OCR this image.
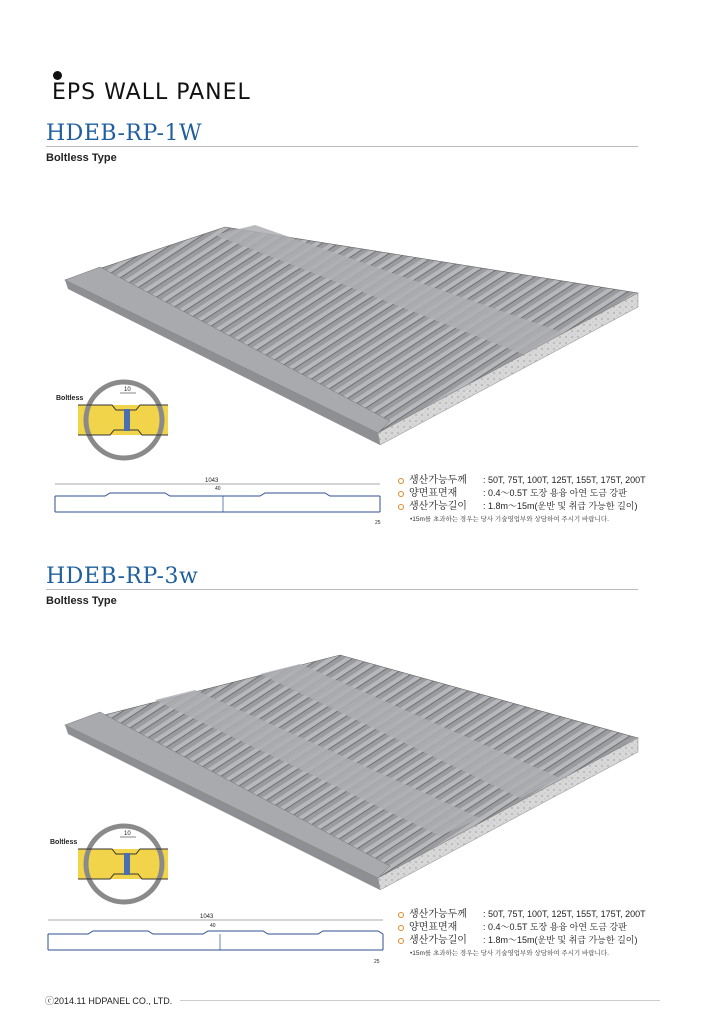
EPS WALL PANEL
HDEB-RP-1W
Boltless Type
Boltless
10
1043
40
25
생산가능두께 : 50T, 75T, 100T, 125T, 155T, 175T, 200T
양면표면재	: 0.4～0.5T 도장 용융 아연 도금 강판
생산가능길이 : 1.8m～15m(운반 및 취급 가능한 길이)
•15m를 초과하는 경우는 당사 기술영업부와 상담하여 주시기 바랍니다.
HDEB-RP-3w
Boltless Type
Boltless
10
1043
40
25
생산가능두께 : 50T, 75T, 100T, 125T, 155T, 175T, 200T
양면표면재	: 0.4～0.5T 도장 용융 아연 도금 강판
생산가능길이 : 1.8m～15m(운반 및 취급 가능한 길이)
•15m를 초과하는 경우는 당사 기술영업부와 상담하여 주시기 바랍니다.
ⓒ2014.11 HDPANEL CO., LTD.
